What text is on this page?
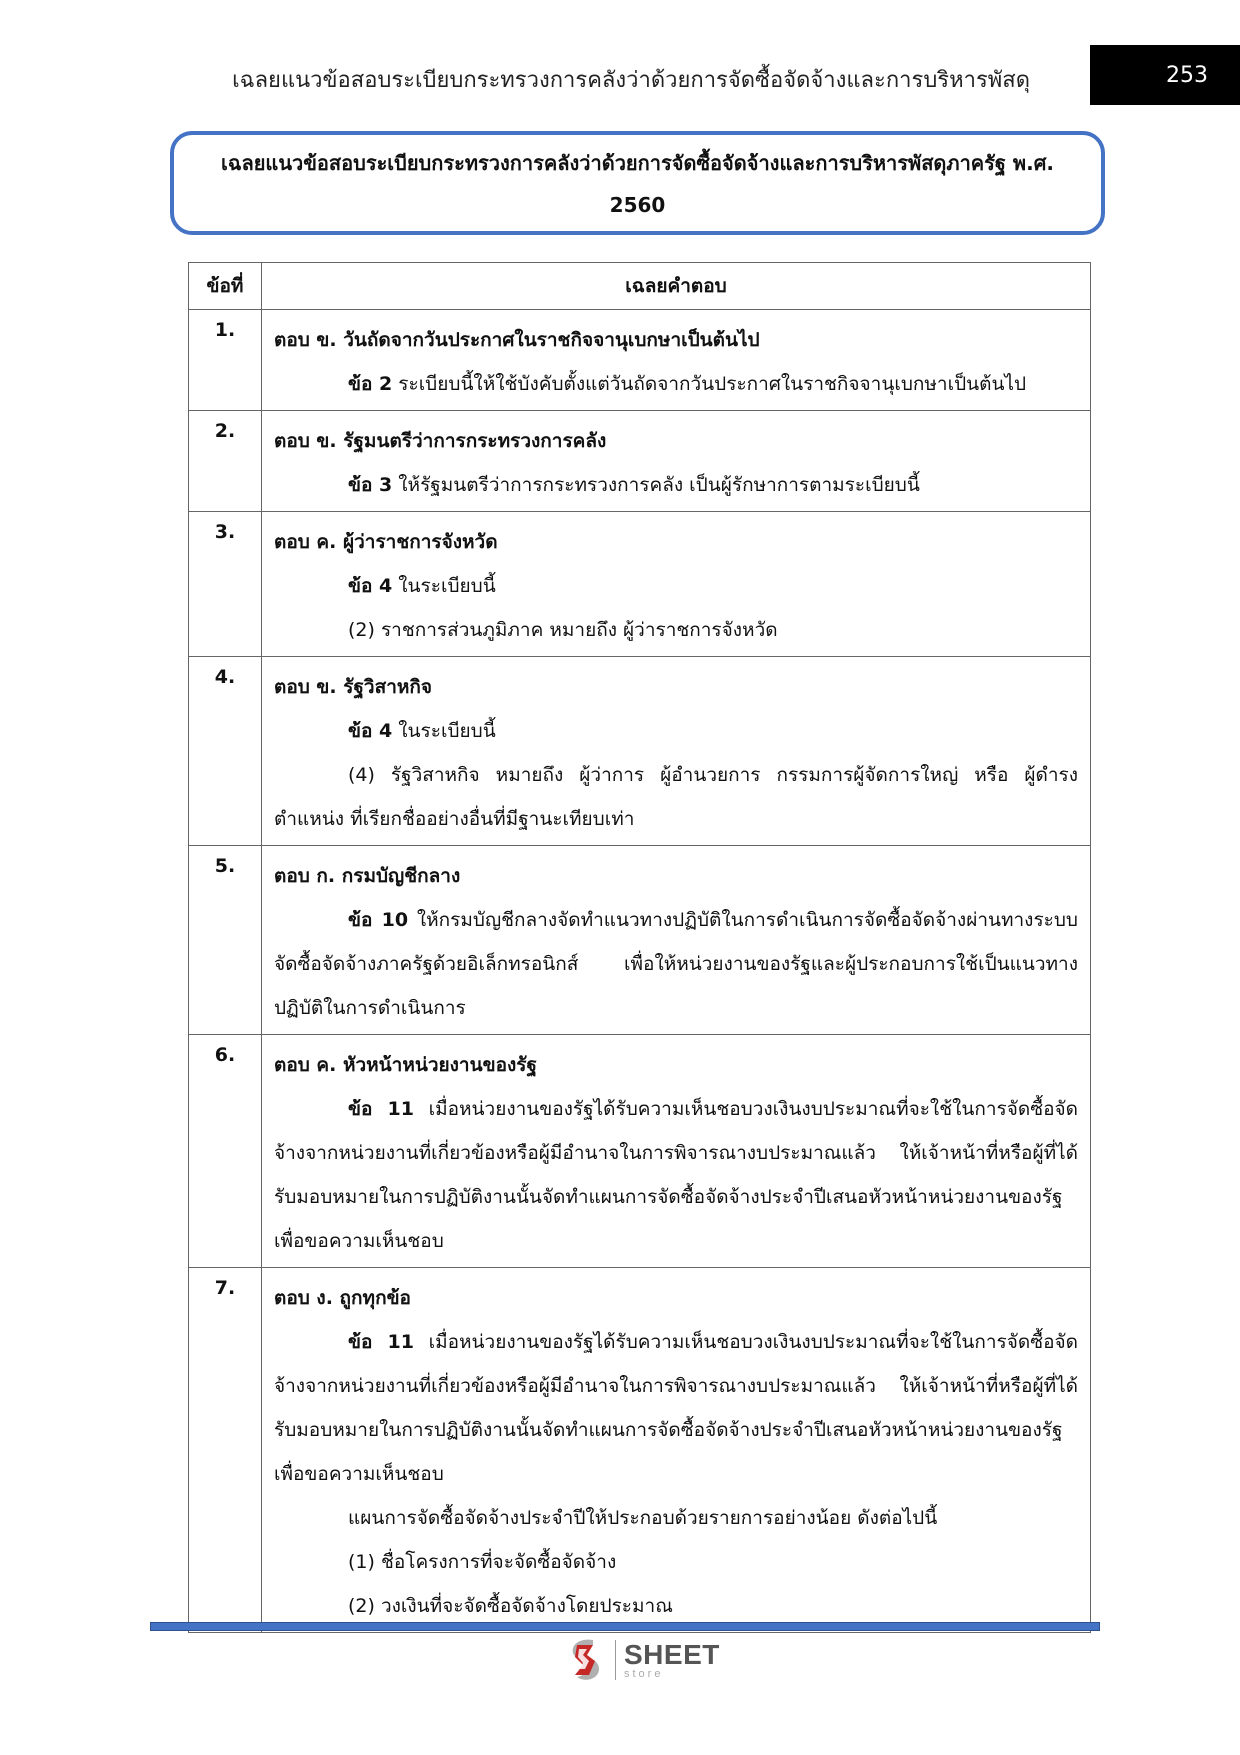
เฉลยแนวข้อสอบระเบียบกระทรวงการคลังว่าด้วยการจัดซื้อจัดจ้างและการบริหารพัสดุ	253
เฉลยแนวข้อสอบระเบียบกระทรวงการคลังว่าด้วยการจัดซื้อจัดจ้างและการบริหารพัสดุภาครัฐ พ.ศ.
2560
ข้อที่	เฉลยคำตอบ
1.	ตอบ ข. วันถัดจากวันประกาศในราชกิจจานุเบกษาเป็นต้นไป
ข้อ 2 ระเบียบนี้ให้ใช้บังคับตั้งแต่วันถัดจากวันประกาศในราชกิจจานุเบกษาเป็นต้นไป

2.	ตอบ ข. รัฐมนตรีว่าการกระทรวงการคลัง
ข้อ 3 ให้รัฐมนตรีว่าการกระทรวงการคลัง เป็นผู้รักษาการตามระเบียบนี้

3.	ตอบ ค. ผู้ว่าราชการจังหวัด
ข้อ 4 ในระเบียบนี้
(2) ราชการส่วนภูมิภาค หมายถึง ผู้ว่าราชการจังหวัด

4.	ตอบ ข. รัฐวิสาหกิจ
ข้อ 4 ในระเบียบนี้
(4) รัฐวิสาหกิจ หมายถึง ผู้ว่าการ ผู้อำนวยการ กรรมการผู้จัดการใหญ่ หรือ ผู้ดำรงตำแหน่ง ที่เรียกชื่ออย่างอื่นที่มีฐานะเทียบเท่า

5.	ตอบ ก. กรมบัญชีกลาง
ข้อ 10 ให้กรมบัญชีกลางจัดทำแนวทางปฏิบัติในการดำเนินการจัดซื้อจัดจ้างผ่านทางระบบจัดซื้อจัดจ้างภาครัฐด้วยอิเล็กทรอนิกส์ เพื่อให้หน่วยงานของรัฐและผู้ประกอบการใช้เป็นแนวทางปฏิบัติในการดำเนินการ

6.	ตอบ ค. หัวหน้าหน่วยงานของรัฐ
ข้อ 11 เมื่อหน่วยงานของรัฐได้รับความเห็นชอบวงเงินงบประมาณที่จะใช้ในการจัดซื้อจัดจ้างจากหน่วยงานที่เกี่ยวข้องหรือผู้มีอำนาจในการพิจารณางบประมาณแล้ว ให้เจ้าหน้าที่หรือผู้ที่ได้รับมอบหมายในการปฏิบัติงานนั้นจัดทำแผนการจัดซื้อจัดจ้างประจำปีเสนอหัวหน้าหน่วยงานของรัฐเพื่อขอความเห็นชอบ

7.	ตอบ ง. ถูกทุกข้อ
ข้อ 11 เมื่อหน่วยงานของรัฐได้รับความเห็นชอบวงเงินงบประมาณที่จะใช้ในการจัดซื้อจัดจ้างจากหน่วยงานที่เกี่ยวข้องหรือผู้มีอำนาจในการพิจารณางบประมาณแล้ว ให้เจ้าหน้าที่หรือผู้ที่ได้รับมอบหมายในการปฏิบัติงานนั้นจัดทำแผนการจัดซื้อจัดจ้างประจำปีเสนอหัวหน้าหน่วยงานของรัฐเพื่อขอความเห็นชอบ
แผนการจัดซื้อจัดจ้างประจำปีให้ประกอบด้วยรายการอย่างน้อย ดังต่อไปนี้
(1) ชื่อโครงการที่จะจัดซื้อจัดจ้าง
(2) วงเงินที่จะจัดซื้อจัดจ้างโดยประมาณ
SHEET
store
